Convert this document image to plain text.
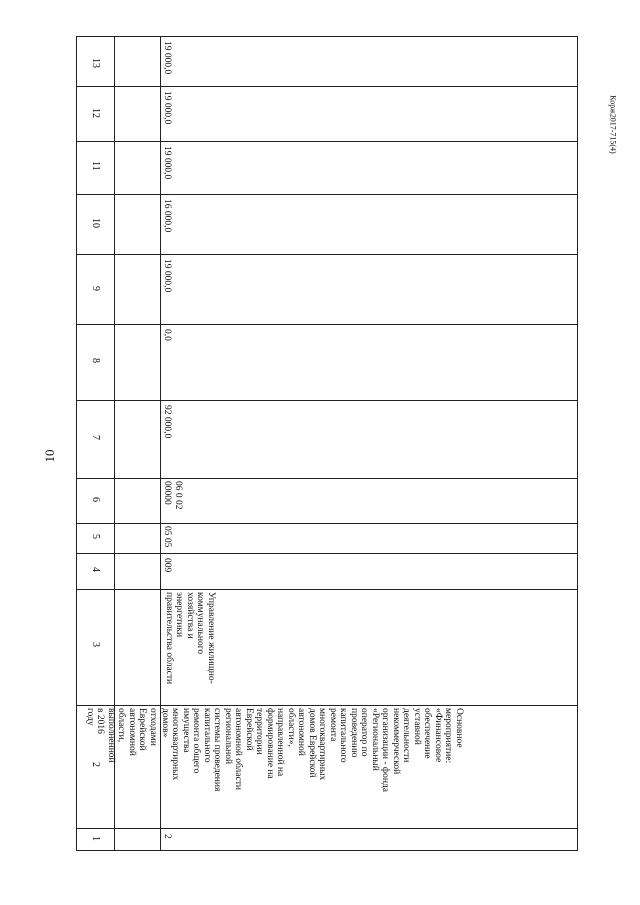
10
Корж2017-715(4)
13
12
11
10
9
8
7
6
5
4
3
2
1
отходами Еврейской
автономной области,
выполненной в 2016
году
19 000,0
19 000,0
19 000,0
16 000,0
19 000,0
0,0
92 000,0
06 0 02
00000
05 05
009
Управление жилищно-
коммунального
хозяйства и
энергетики
правительства области
Основное
мероприятие:
«Финансовое
обеспечение
уставной
деятельности
некоммерческой
организации - фонда
«Региональный
оператор по
проведению
капитального
ремонта
многоквартирных
домов Еврейской
автономной
области»,
направленной на
формирование на
территории
Еврейской
автономной области
региональной
системы проведения
капитального
ремонта общего
имущества
многоквартирных
домов»
2
